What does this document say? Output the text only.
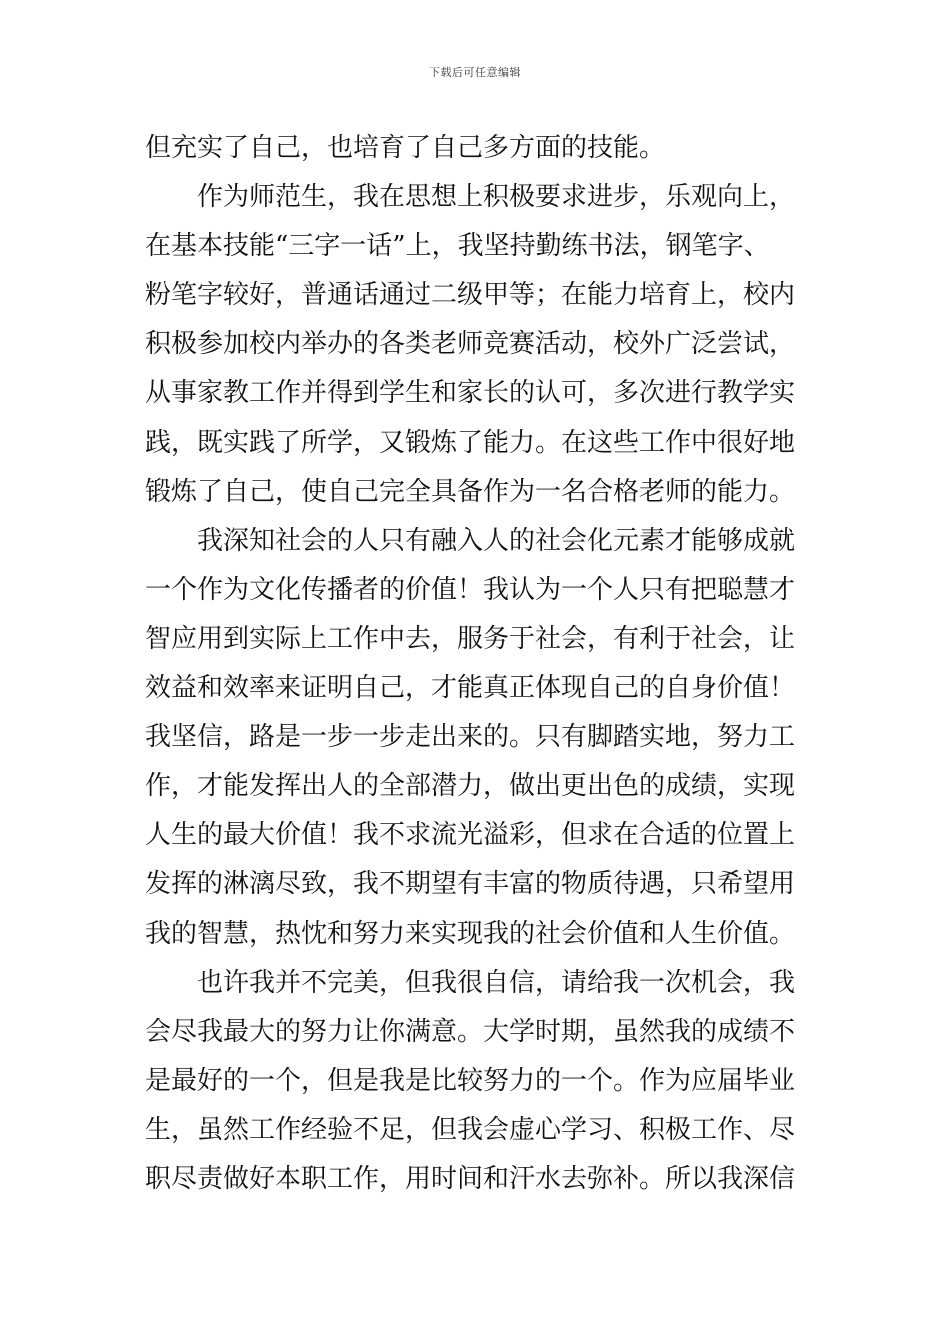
下载后可任意编辑
但充实了自己，也培育了自己多方面的技能。
作为师范生，我在思想上积极要求进步，乐观向上，
在基本技能“三字一话”上，我坚持勤练书法，钢笔字、
粉笔字较好，普通话通过二级甲等；在能力培育上，校内
积极参加校内举办的各类老师竞赛活动，校外广泛尝试，
从事家教工作并得到学生和家长的认可，多次进行教学实
践，既实践了所学，又锻炼了能力。在这些工作中很好地
锻炼了自己，使自己完全具备作为一名合格老师的能力。
我深知社会的人只有融入人的社会化元素才能够成就
一个作为文化传播者的价值！我认为一个人只有把聪慧才
智应用到实际上工作中去，服务于社会，有利于社会，让
效益和效率来证明自己，才能真正体现自己的自身价值！
我坚信，路是一步一步走出来的。只有脚踏实地，努力工
作，才能发挥出人的全部潜力，做出更出色的成绩，实现
人生的最大价值！我不求流光溢彩，但求在合适的位置上
发挥的淋漓尽致，我不期望有丰富的物质待遇，只希望用
我的智慧，热忱和努力来实现我的社会价值和人生价值。
也许我并不完美，但我很自信，请给我一次机会，我
会尽我最大的努力让你满意。大学时期，虽然我的成绩不
是最好的一个，但是我是比较努力的一个。作为应届毕业
生，虽然工作经验不足，但我会虚心学习、积极工作、尽
职尽责做好本职工作，用时间和汗水去弥补。所以我深信
